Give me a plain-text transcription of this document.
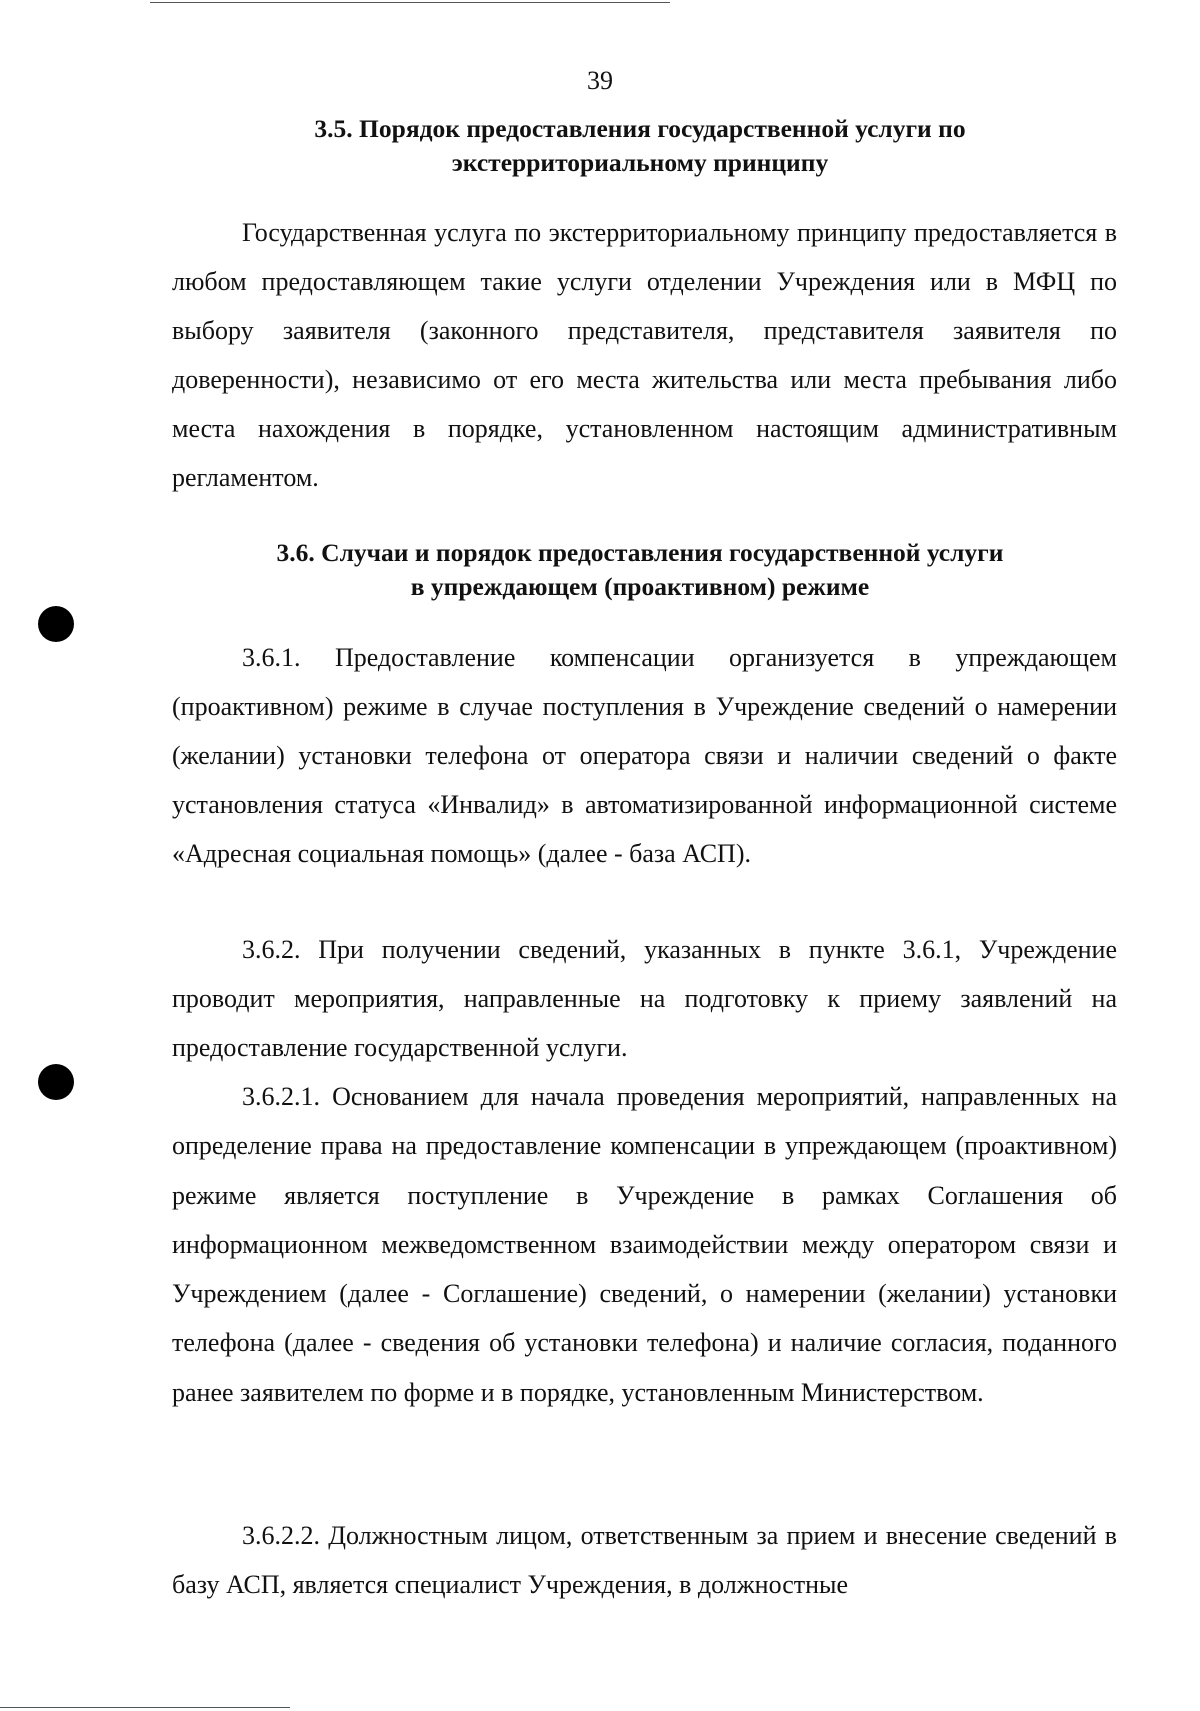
39
3.5. Порядок предоставления государственной услуги по
экстерриториальному принципу

Государственная услуга по экстерриториальному принципу предоставляется в любом предоставляющем такие услуги отделении Учреждения или в МФЦ по выбору заявителя (законного представителя, представителя заявителя по доверенности), независимо от его места жительства или места пребывания либо места нахождения в порядке, установленном настоящим административным регламентом.

3.6. Случаи и порядок предоставления государственной услуги
в упреждающем (проактивном) режиме

3.6.1. Предоставление компенсации организуется в упреждающем (проактивном) режиме в случае поступления в Учреждение сведений о намерении (желании) установки телефона от оператора связи и наличии сведений о факте установления статуса «Инвалид» в автоматизированной информационной системе «Адресная социальная помощь» (далее - база АСП).

3.6.2. При получении сведений, указанных в пункте 3.6.1, Учреждение проводит мероприятия, направленные на подготовку к приему заявлений на предоставление государственной услуги.

3.6.2.1. Основанием для начала проведения мероприятий, направленных на определение права на предоставление компенсации в упреждающем (проактивном) режиме является поступление в Учреждение в рамках Соглашения об информационном межведомственном взаимодействии между оператором связи и Учреждением (далее - Соглашение) сведений, о намерении (желании) установки телефона (далее - сведения об установки телефона) и наличие согласия, поданного ранее заявителем по форме и в порядке, установленным Министерством.

3.6.2.2. Должностным лицом, ответственным за прием и внесение сведений в базу АСП, является специалист Учреждения, в должностные
